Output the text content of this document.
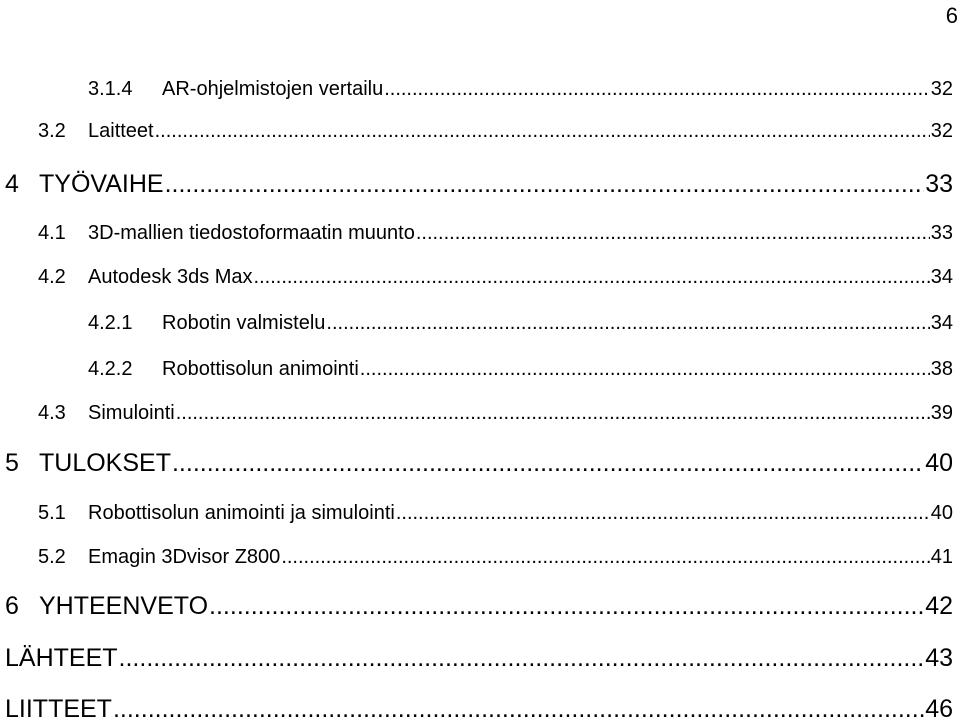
6
3.1.4	AR-ohjelmistojen vertailu .....	32
3.2	Laitteet .....	32
4 TYÖVAIHE .....	33
4.1	3D-mallien tiedostoformaatin muunto .....	33
4.2	Autodesk 3ds Max .....	34
4.2.1	Robotin valmistelu .....	34
4.2.2	Robottisolun animointi .....	38
4.3	Simulointi .....	39
5 TULOKSET .....	40
5.1	Robottisolun animointi ja simulointi .....	40
5.2	Emagin 3Dvisor Z800 .....	41
6 YHTEENVETO .....	42
LÄHTEET .....	43
LIITTEET .....	46
